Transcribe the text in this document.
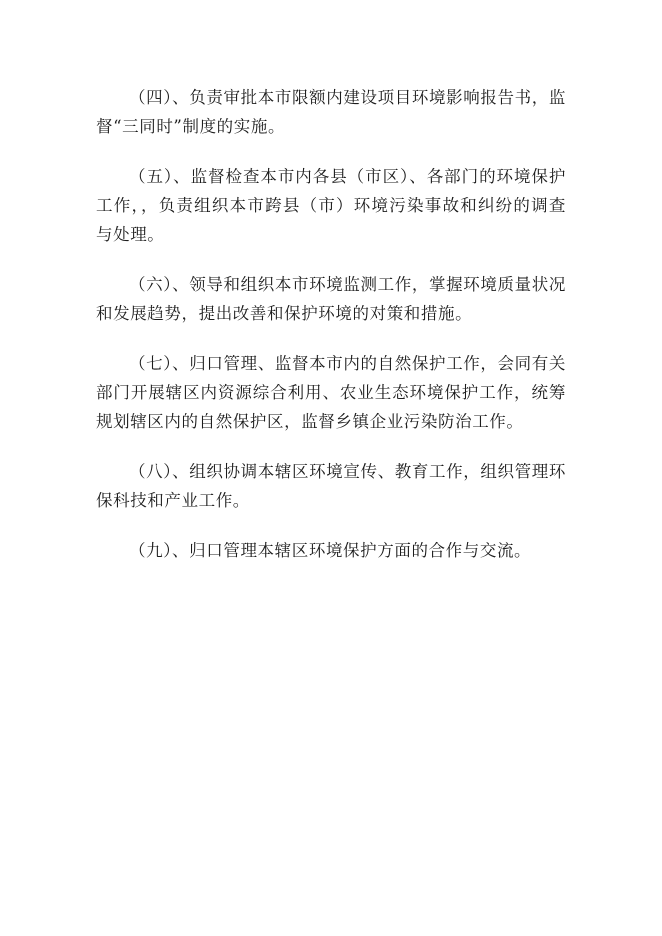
（四）、负责审批本市限额内建设项目环境影响报告书，监督“三同时”制度的实施。

（五）、监督检查本市内各县（市区）、各部门的环境保护工作，，负责组织本市跨县（市）环境污染事故和纠纷的调查与处理。

（六）、领导和组织本市环境监测工作，掌握环境质量状况和发展趋势，提出改善和保护环境的对策和措施。

（七）、归口管理、监督本市内的自然保护工作，会同有关部门开展辖区内资源综合利用、农业生态环境保护工作，统筹规划辖区内的自然保护区，监督乡镇企业污染防治工作。

（八）、组织协调本辖区环境宣传、教育工作，组织管理环保科技和产业工作。

（九）、归口管理本辖区环境保护方面的合作与交流。
